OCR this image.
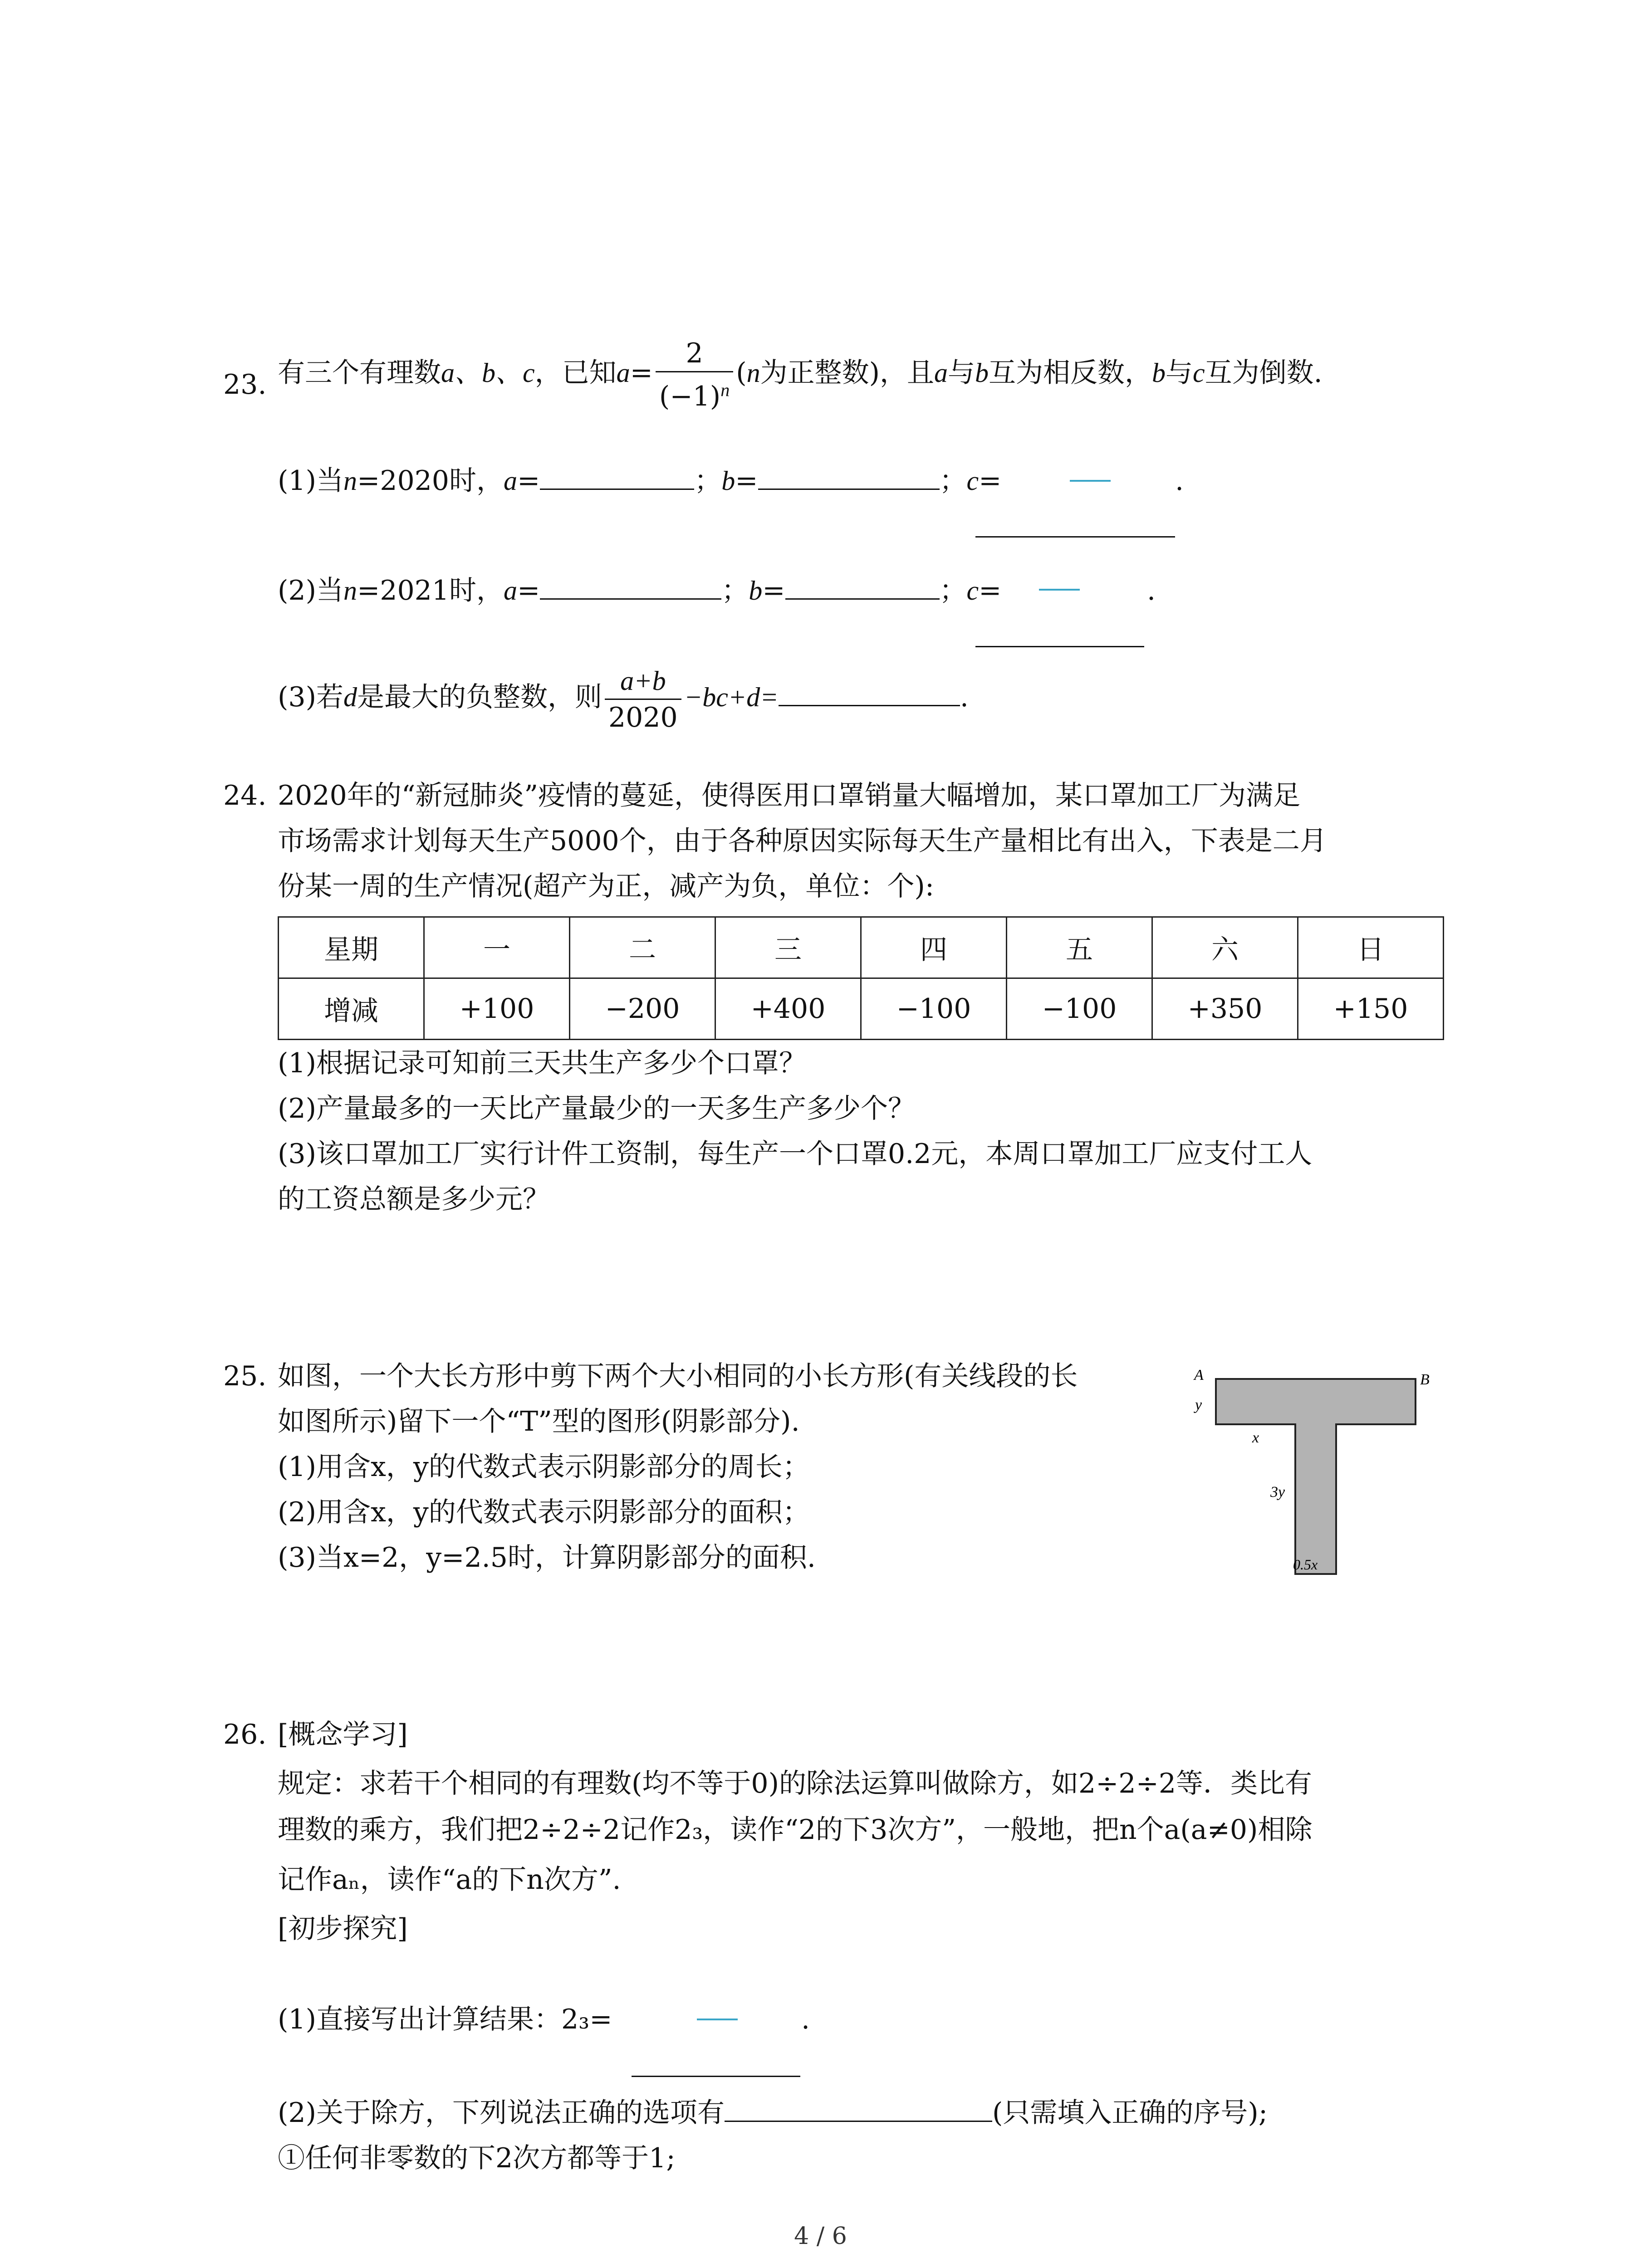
23. 有三个有理数a、b、c，已知$a= \frac{2}{(-1)^n} (n$为正整数)，且a与b互为相反数，b与c互为倒数.
(1)当n=2020时，a=	；b=	；c=	.
(2)当n=2021时，a=	；b=	；c=	.
(3)若d是最大的负整数，则 $\frac{a+b}{2020} -bc+d=$	.
24. 2020年的“新冠肺炎”疫情的蔓延，使得医用口罩销量大幅增加，某口罩加工厂为满足
市场需求计划每天生产5000个，由于各种原因实际每天生产量相比有出入，下表是二月
份某一周的生产情况(超产为正，减产为负，单位：个):
星期	一	二	三	四	五	六	日
增减	+100	−200	+400	−100	−100	+350	+150
(1)根据记录可知前三天共生产多少个口罩？
(2)产量最多的一天比产量最少的一天多生产多少个？
(3)该口罩加工厂实行计件工资制，每生产一个口罩0.2元，本周口罩加工厂应支付工人
的工资总额是多少元？
25. 如图，一个大长方形中剪下两个大小相同的小长方形(有关线段的长
如图所示)留下一个“T”型的图形(阴影部分).
(1)用含x，y的代数式表示阴影部分的周长；
(2)用含x，y的代数式表示阴影部分的面积；
(3)当x=2，y=2.5时，计算阴影部分的面积.
A	B
y
x
3y
0.5x
26. [概念学习]
规定：求若干个相同的有理数(均不等于0)的除法运算叫做除方，如2÷2÷2等．类比有
理数的乘方，我们把2÷2÷2记作2₃，读作“2的下3次方”，一般地，把n个a(a≠0)相除
记作aₙ，读作“a的下n次方”.
[初步探究]
(1)直接写出计算结果：2₃=	.
(2)关于除方，下列说法正确的选项有	(只需填入正确的序号);
①任何非零数的下2次方都等于1;
4 / 6
